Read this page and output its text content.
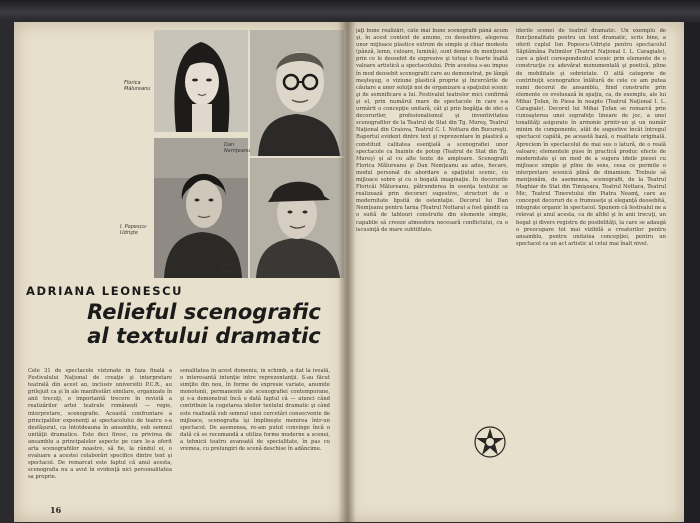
Florica
Mălureanu
Dan
Nemţeanu
I. Popescu-
Udrişte
Mihai
Ţofan
ADRIANA LEONESCU
Relieful scenografic
al textului dramatic
Cele 31 de spectacole vizionate în faza finală a Festivalului Naţional de creaţie şi interpretare teatrală din acest an, inclusiv universitii P.C.R., au prilejuit ca şi în ale manifestări similare, organizate în anii trecuţi, o importantă trecere în revistă a realizărilor artei teatrale românești — regie, interpretare, scenografie. Această confruntare a principalilor exponenţi ai spectacolului de teatru s-a desfăşurat, ca întotdeauna în ansamblu, sub semnul unităţii dramatice. Este deci firesc, ca privirea de ansamblu a principalelor aspecte pe care le-a oferit arta scenografiilor noastre, să fie, la rândul ei, o evaluare a acestei colaborări specifice dintre text şi spectacol. De remarcat este faptul că anul acesta, scenografia nu a avut în evidenţă nici personalitatea sa proprie.
sonalitatea în acest domeniu, în schimb, a dat la iveală, o interesantă intenţie intre reprezentanţii. S-au făcut simţite din nou, în forme de expresie variate, anumite monotonii, permanente ale scenografiei contemporane, şi s-a demonstrat încă o dată faptul că — atunci când contribuie la cugetarea ideilor textului dramatic şi când este realizată sub semnul unei cercetări consecvente de mijloace, scenografia îşi împlineşte menirea într-un spectacol. De asemenea, re-am putut convinge încă o dată că se recomandă a utiliza forme moderne a scenei, a tehnicii teatru avansată de specialitate, în pas cu vremea, cu prelungiri de scenă deschise în adâncime.
16
jaţi bune realizări, câte mai bune scenografii până acum şi, în acest context de anume, cu deosebire, alegerea unor mijloace plastice extrem de simple şi chiar modeste (pânză, lemn, culoare, lumină), sunt demne de menţionat prin ce le deosebit de expresive şi totuşi o foarte înaltă valoare artistică a spectacolului. Prin acestea s-au impus în mod deosebit scenografii care au demonstrat, pe lângă meşteşug, o viziune plastică proprie şi încercările de căutare a unor soluţii noi de organizare a spaţiului scenic şi de semnificare a lui. Festivalul teatrelor mici confirmă şi el, prin numărul mare de spectacole în care s-a urmărit o concepţie unitară, cât şi prin bogăţia de idei a decorurilor, profesionalismul şi inventivitatea scenografilor de la Teatrul de Stat din Tg. Mureş, Teatrul Naţional din Craiova, Teatrul C. I. Nottara din Bucureşti. Raportul evident dintre text şi reprezentare în plastică a constituit calitatea esenţială a scenografiei unor spectacole ca Inainte de potop (Teatrul de Stat din Tg. Mureş) şi al cu alte texte de amploare. Scenografii Florica Mălureanu şi Dan Nemţeanu au adus, fiecare, modul personal de abordare a spaţiului scenic, cu mijloace sobre şi cu o bogată imaginaţie. În decorurile Floricăi Mălureanu, pătrunderea în esenţa textului se realizează prin decoruri sugestive, structuri de o modernitate lipsită de ostentaţie. Decorul lui Dan Nemţeanu pentru Iarna (Teatrul Nottara) a fost gândit ca o suită de tablouri construite din elemente simple, capabile să creeze atmosfera necesară conflictului, cu o iscusinţă de mare subtilitate.
iderile scenei de teatrul dramatic. Un exemplu de funcţionalitate pentru un text dramatic, scris bine, a oferit cuplul Ion Popescu-Udrişte pentru spectacolul Săptămâna Patimilor (Teatrul Naţional I. L. Caragiale), care a găsit corespondentul scenic prin elemente de o construcţie cu adevărat monumentală şi poetică, pline de mobilitate şi sobrietate. O altă categorie de contribuţii scenografice înlătură de cele ce am putea numi decorul de ansamblu, fiind construite prin elemente ce evoluează în spaţiu, ca, de exemplu, ale lui Mihai Ţofan, în Piesa în noapte (Teatrul Naţional I. L. Caragiale). Decorul lui Mihai Ţofan se remarcă prin cunoaşterea unei suprafeţe lineare de joc, a unei tonalităţi asigurate în armonie printr-un şi un număr minim de componente, atât de sugestive încât întregul spectacol capătă, pe această bază, o realitate originală. Apreciem în spectacolul de mai sus o latură, de o reală valoare; elementele puse în practică produc efecte de modernitate şi un mod de a sugera ideile piesei cu mijloace simple şi pline de sens, ceea ce permite o interpretare scenică plină de dinamism. Trebuie să menţionăm, de asemenea, scenografii, de la Teatrul Maghiar de Stat din Timişoara, Teatrul Nottara, Teatrul Mic, Teatrul Tineretului din Piatra Neamţ, care au conceput decoruri de o frumuseţe şi eleganţă deosebită, integrate organic în spectacol. Spunem că festivalul ne a relevat şi anul acesta, ca de altfel şi în anii trecuţi, un bogat şi divers registru de posibilităţi, la care se adaugă o preocupare tot mai vizibilă a creatorilor pentru ansamblu, pentru unitatea concepţiei, pentru un spectacol ca un act artistic al celui mai înalt nivel.
